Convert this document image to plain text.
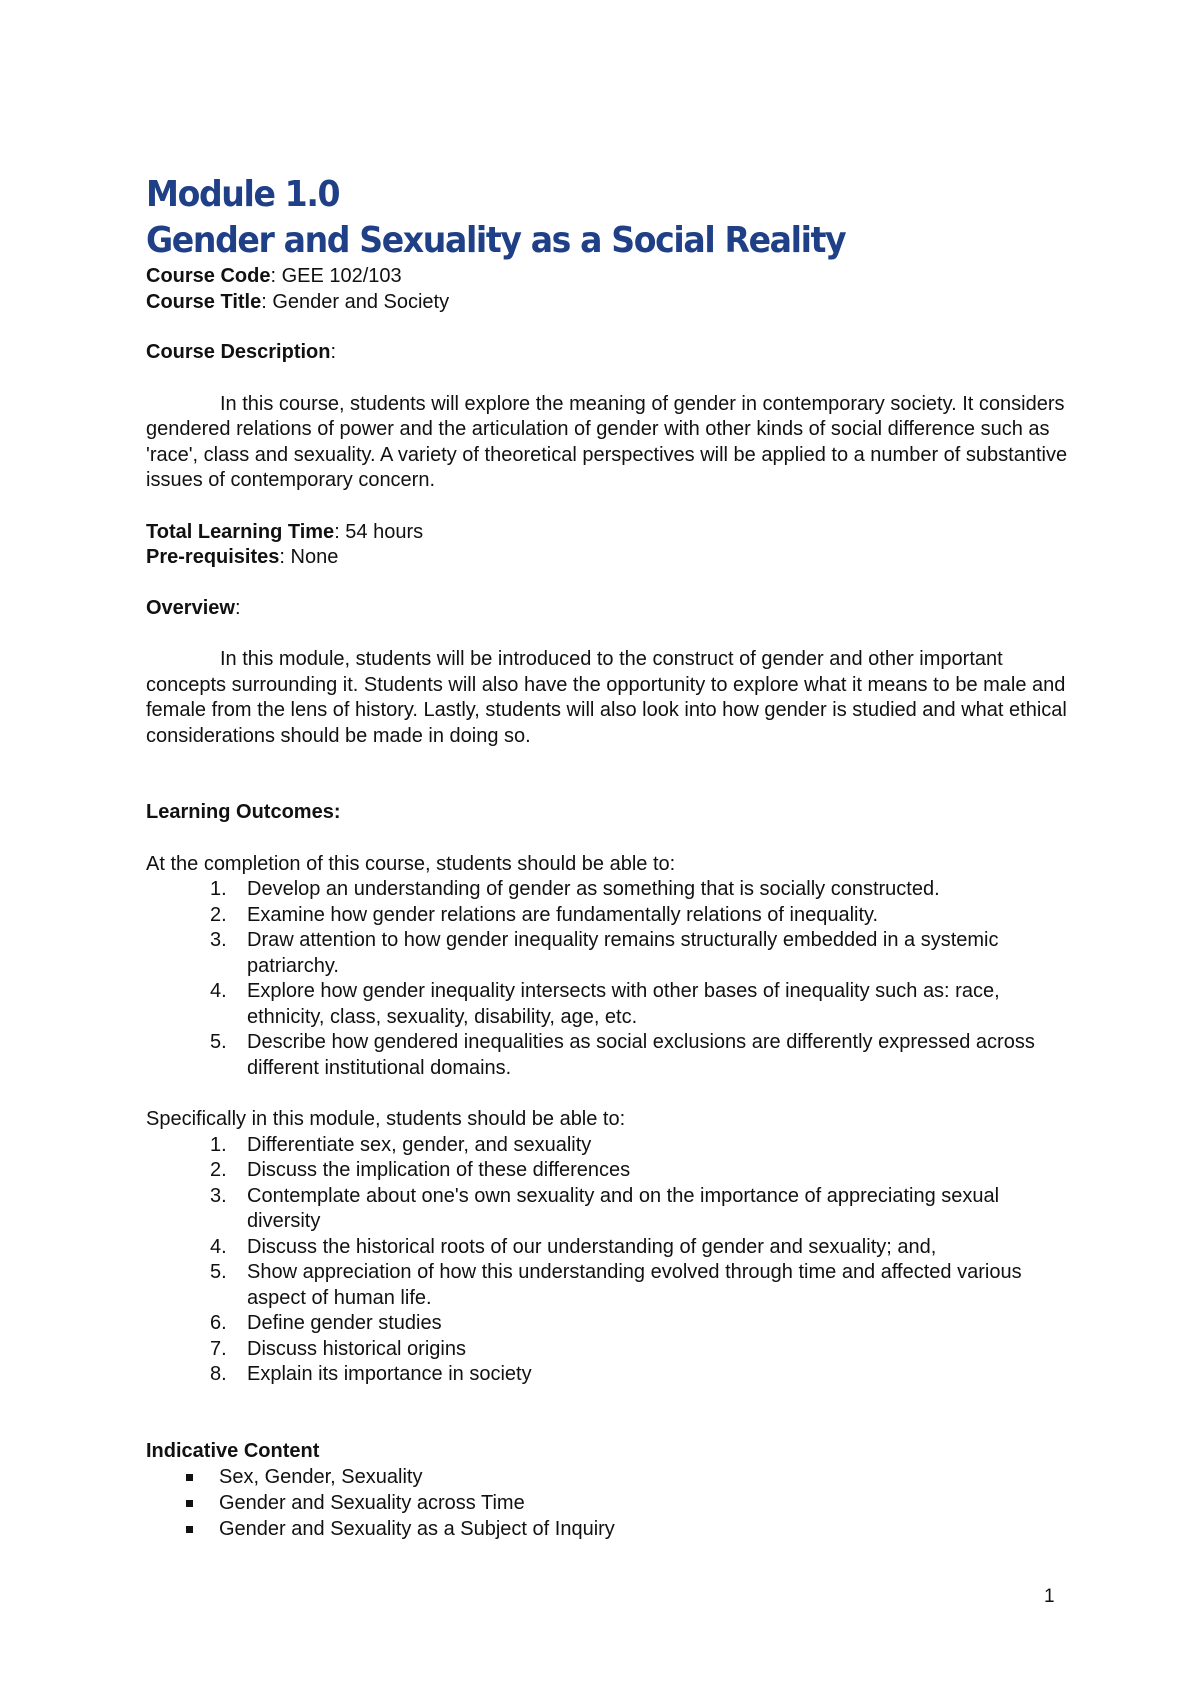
Module 1.0
Gender and Sexuality as a Social Reality
Course Code: GEE 102/103
Course Title: Gender and Society
Course Description:
In this course, students will explore the meaning of gender in contemporary society. It considers gendered relations of power and the articulation of gender with other kinds of social difference such as 'race', class and sexuality. A variety of theoretical perspectives will be applied to a number of substantive issues of contemporary concern.
Total Learning Time: 54 hours
Pre-requisites: None
Overview:
In this module, students will be introduced to the construct of gender and other important concepts surrounding it. Students will also have the opportunity to explore what it means to be male and female from the lens of history. Lastly, students will also look into how gender is studied and what ethical considerations should be made in doing so.
Learning Outcomes:
At the completion of this course, students should be able to:
1.	Develop an understanding of gender as something that is socially constructed.
2.	Examine how gender relations are fundamentally relations of inequality.
3.	Draw attention to how gender inequality remains structurally embedded in a systemic patriarchy.
4.	Explore how gender inequality intersects with other bases of inequality such as: race, ethnicity, class, sexuality, disability, age, etc.
5.	Describe how gendered inequalities as social exclusions are differently expressed across different institutional domains.
Specifically in this module, students should be able to:
1.	Differentiate sex, gender, and sexuality
2.	Discuss the implication of these differences
3.	Contemplate about one's own sexuality and on the importance of appreciating sexual diversity
4.	Discuss the historical roots of our understanding of gender and sexuality; and,
5.	Show appreciation of how this understanding evolved through time and affected various aspect of human life.
6.	Define gender studies
7.	Discuss historical origins
8.	Explain its importance in society
Indicative Content
Sex, Gender, Sexuality
Gender and Sexuality across Time
Gender and Sexuality as a Subject of Inquiry
1
